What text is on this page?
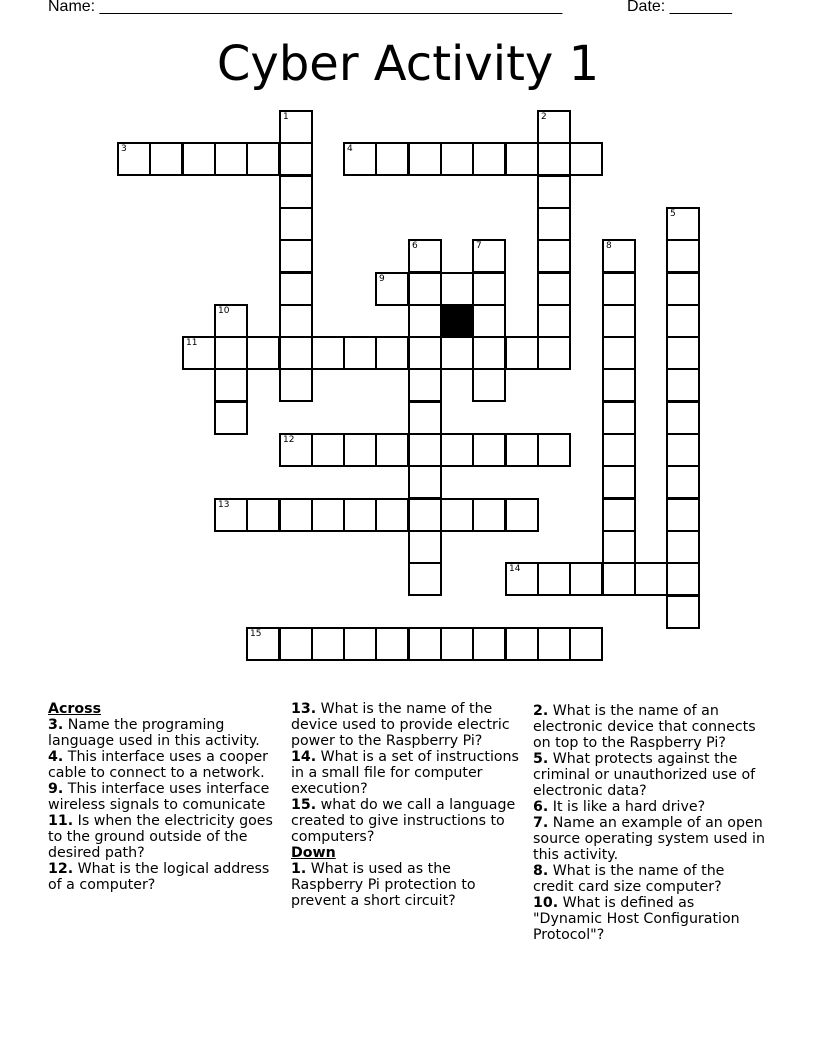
Name: ____________________________________________________	Date: _______
Cyber Activity 1
1	2
3	4
5
6	7	8
9
10
11
12
13
14
15
Across
3. Name the programing language used in this activity.
4. This interface uses a cooper cable to connect to a network.
9. This interface uses interface wireless signals to comunicate
11. Is when the electricity goes to the ground outside of the desired path?
12. What is the logical address of a computer?
13. What is the name of the device used to provide electric power to the Raspberry Pi?
14. What is a set of instructions in a small file for computer execution?
15. what do we call a language created to give instructions to computers?
Down
1. What is used as the Raspberry Pi protection to prevent a short circuit?
2. What is the name of an electronic device that connects on top to the Raspberry Pi?
5. What protects against the criminal or unauthorized use of electronic data?
6. It is like a hard drive?
7. Name an example of an open source operating system used in this activity.
8. What is the name of the credit card size computer?
10. What is defined as "Dynamic Host Configuration Protocol"?
